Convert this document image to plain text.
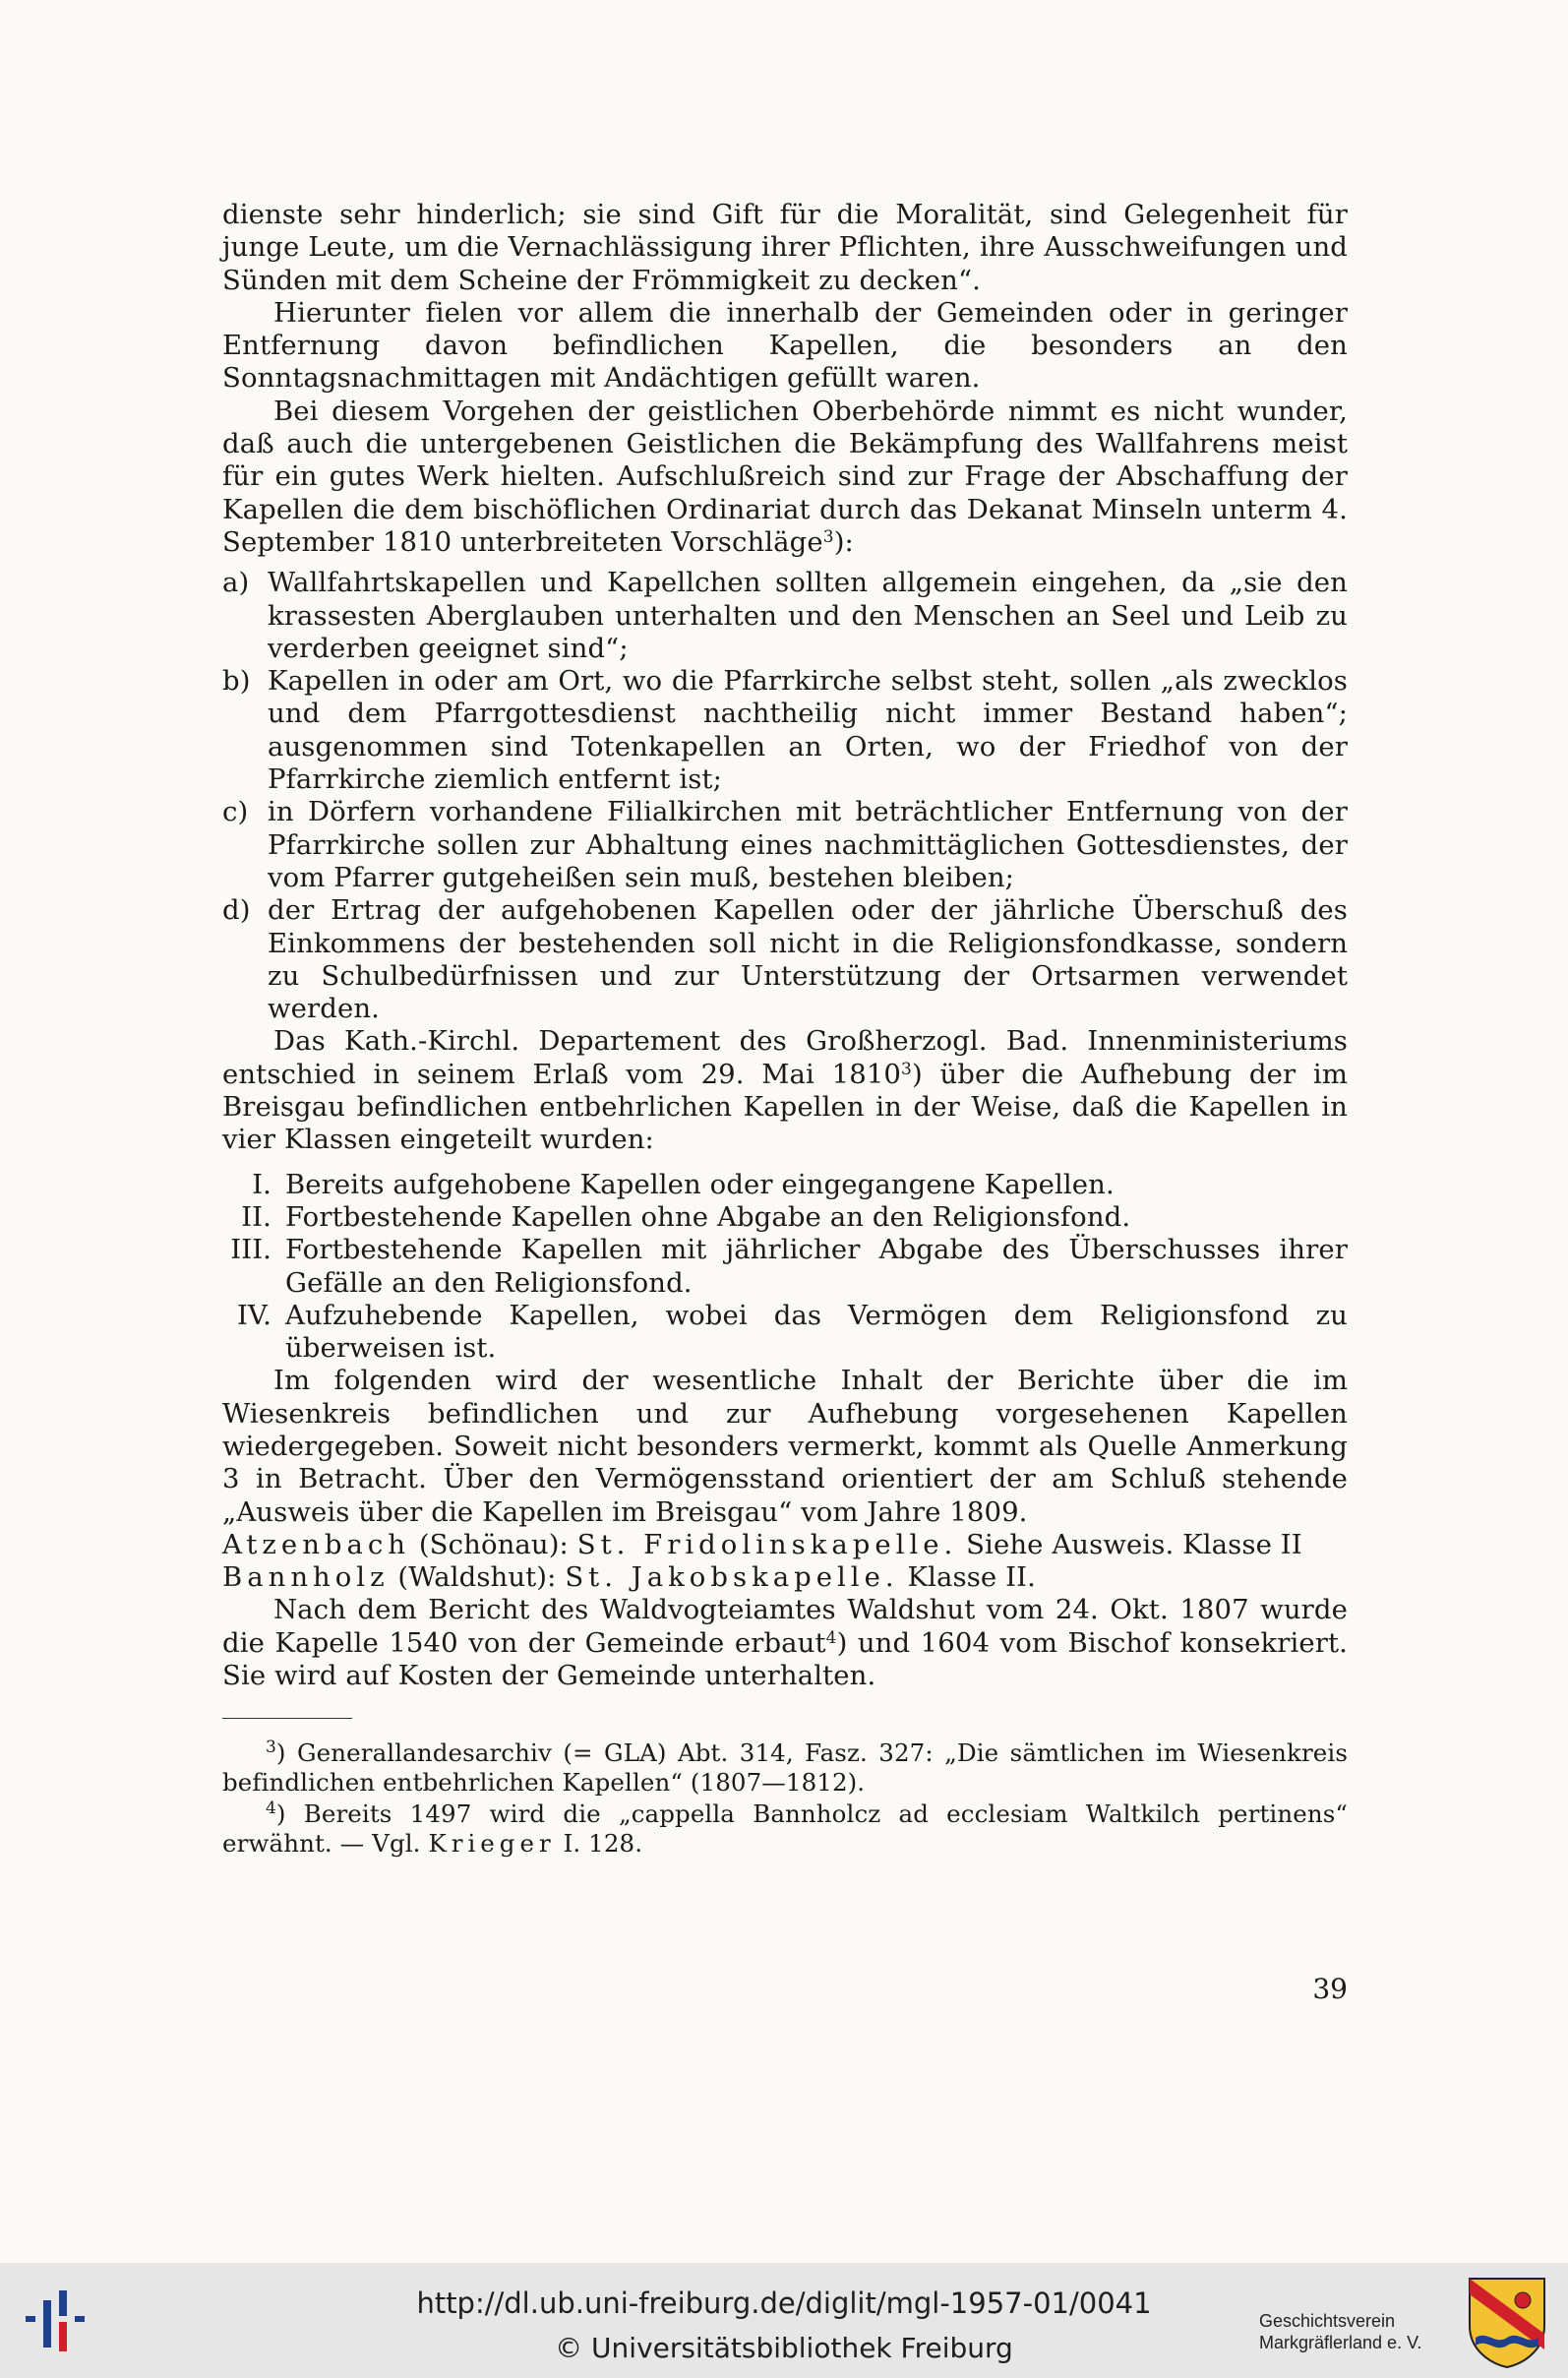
dienste sehr hinderlich; sie sind Gift für die Moralität, sind Gelegenheit für junge Leute, um die Vernachlässigung ihrer Pflichten, ihre Ausschweifungen und Sünden mit dem Scheine der Frömmigkeit zu decken“.

Hierunter fielen vor allem die innerhalb der Gemeinden oder in geringer Entfernung davon befindlichen Kapellen, die besonders an den Sonntagsnachmittagen mit Andächtigen gefüllt waren.

Bei diesem Vorgehen der geistlichen Oberbehörde nimmt es nicht wunder, daß auch die untergebenen Geistlichen die Bekämpfung des Wallfahrens meist für ein gutes Werk hielten. Aufschlußreich sind zur Frage der Abschaffung der Kapellen die dem bischöflichen Ordinariat durch das Dekanat Minseln unterm 4. September 1810 unterbreiteten Vorschläge$^3$):

a) Wallfahrtskapellen und Kapellchen sollten allgemein eingehen, da „sie den krassesten Aberglauben unterhalten und den Menschen an Seel und Leib zu verderben geeignet sind“;
b) Kapellen in oder am Ort, wo die Pfarrkirche selbst steht, sollen „als zwecklos und dem Pfarrgottesdienst nachtheilig nicht immer Bestand haben“; ausgenommen sind Totenkapellen an Orten, wo der Friedhof von der Pfarrkirche ziemlich entfernt ist;
c) in Dörfern vorhandene Filialkirchen mit beträchtlicher Entfernung von der Pfarrkirche sollen zur Abhaltung eines nachmittäglichen Gottesdienstes, der vom Pfarrer gutgeheißen sein muß, bestehen bleiben;
d) der Ertrag der aufgehobenen Kapellen oder der jährliche Überschuß des Einkommens der bestehenden soll nicht in die Religionsfondkasse, sondern zu Schulbedürfnissen und zur Unterstützung der Ortsarmen verwendet werden.

Das Kath.-Kirchl. Departement des Großherzogl. Bad. Innenministeriums entschied in seinem Erlaß vom 29. Mai 1810$^3$) über die Aufhebung der im Breisgau befindlichen entbehrlichen Kapellen in der Weise, daß die Kapellen in vier Klassen eingeteilt wurden:

I. Bereits aufgehobene Kapellen oder eingegangene Kapellen.
II. Fortbestehende Kapellen ohne Abgabe an den Religionsfond.
III. Fortbestehende Kapellen mit jährlicher Abgabe des Überschusses ihrer Gefälle an den Religionsfond.
IV. Aufzuhebende Kapellen, wobei das Vermögen dem Religionsfond zu überweisen ist.

Im folgenden wird der wesentliche Inhalt der Berichte über die im Wiesenkreis befindlichen und zur Aufhebung vorgesehenen Kapellen wiedergegeben. Soweit nicht besonders vermerkt, kommt als Quelle Anmerkung 3 in Betracht. Über den Vermögensstand orientiert der am Schluß stehende „Ausweis über die Kapellen im Breisgau“ vom Jahre 1809.

Atzenbach (Schönau): St. Fridolinskapelle. Siehe Ausweis. Klasse II

Bannholz (Waldshut): St. Jakobskapelle. Klasse II.

Nach dem Bericht des Waldvogteiamtes Waldshut vom 24. Okt. 1807 wurde die Kapelle 1540 von der Gemeinde erbaut$^4$) und 1604 vom Bischof konsekriert. Sie wird auf Kosten der Gemeinde unterhalten.

$^3$) Generallandesarchiv (= GLA) Abt. 314, Fasz. 327: „Die sämtlichen im Wiesenkreis befindlichen entbehrlichen Kapellen“ (1807—1812).

$^4$) Bereits 1497 wird die „cappella Bannholcz ad ecclesiam Waltkilch pertinens“ erwähnt. — Vgl. Krieger I. 128.

39
http://dl.ub.uni-freiburg.de/diglit/mgl-1957-01/0041
© Universitätsbibliothek Freiburg
Geschichtsverein
Markgräflerland e. V.
